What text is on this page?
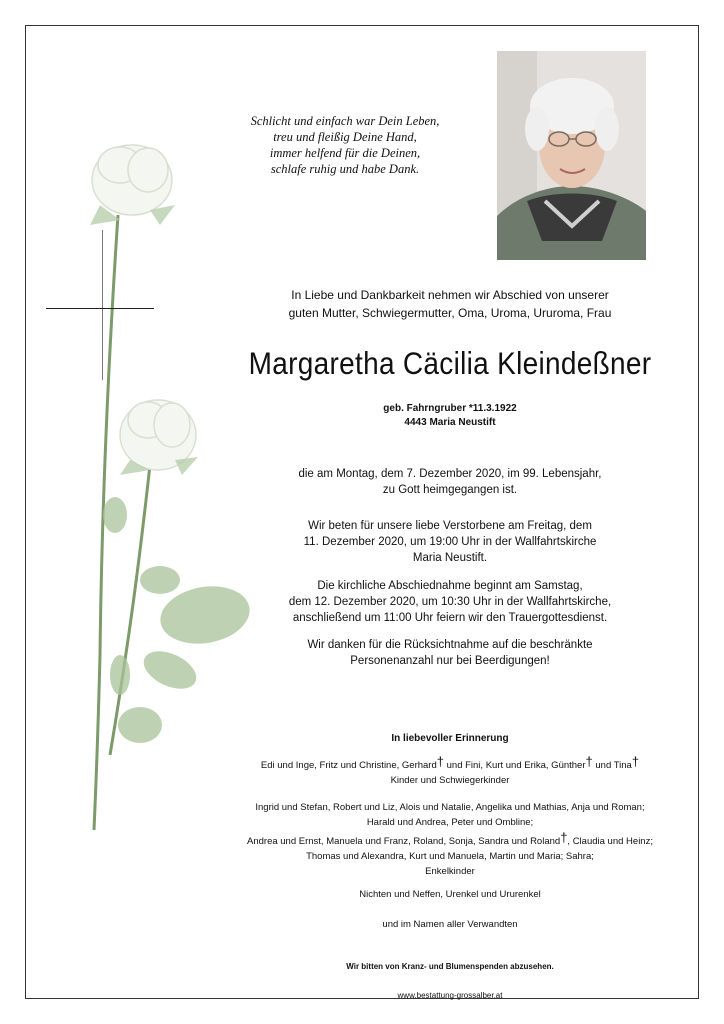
Schlicht und einfach war Dein Leben,
treu und fleißig Deine Hand,
immer helfend für die Deinen,
schlafe ruhig und habe Dank.
In Liebe und Dankbarkeit nehmen wir Abschied von unserer
guten Mutter, Schwiegermutter, Oma, Uroma, Ururoma, Frau
Margaretha Cäcilia Kleindeßner
geb. Fahrngruber *11.3.1922
4443 Maria Neustift
die am Montag, dem 7. Dezember 2020, im 99. Lebensjahr,
zu Gott heimgegangen ist.
Wir beten für unsere liebe Verstorbene am Freitag, dem
11. Dezember 2020, um 19:00 Uhr in der Wallfahrtskirche
Maria Neustift.
Die kirchliche Abschiednahme beginnt am Samstag,
dem 12. Dezember 2020, um 10:30 Uhr in der Wallfahrtskirche,
anschließend um 11:00 Uhr feiern wir den Trauergottesdienst.
Wir danken für die Rücksichtnahme auf die beschränkte
Personenanzahl nur bei Beerdigungen!
In liebevoller Erinnerung
Edi und Inge, Fritz und Christine, Gerhard† und Fini, Kurt und Erika, Günther† und Tina†
Kinder und Schwiegerkinder
Ingrid und Stefan, Robert und Liz, Alois und Natalie, Angelika und Mathias, Anja und Roman;
Harald und Andrea, Peter und Ombline;
Andrea und Ernst, Manuela und Franz, Roland, Sonja, Sandra und Roland†, Claudia und Heinz;
Thomas und Alexandra, Kurt und Manuela, Martin und Maria; Sahra;
Enkelkinder
Nichten und Neffen, Urenkel und Ururenkel
und im Namen aller Verwandten
Wir bitten von Kranz- und Blumenspenden abzusehen.
www.bestattung-grossalber.at
